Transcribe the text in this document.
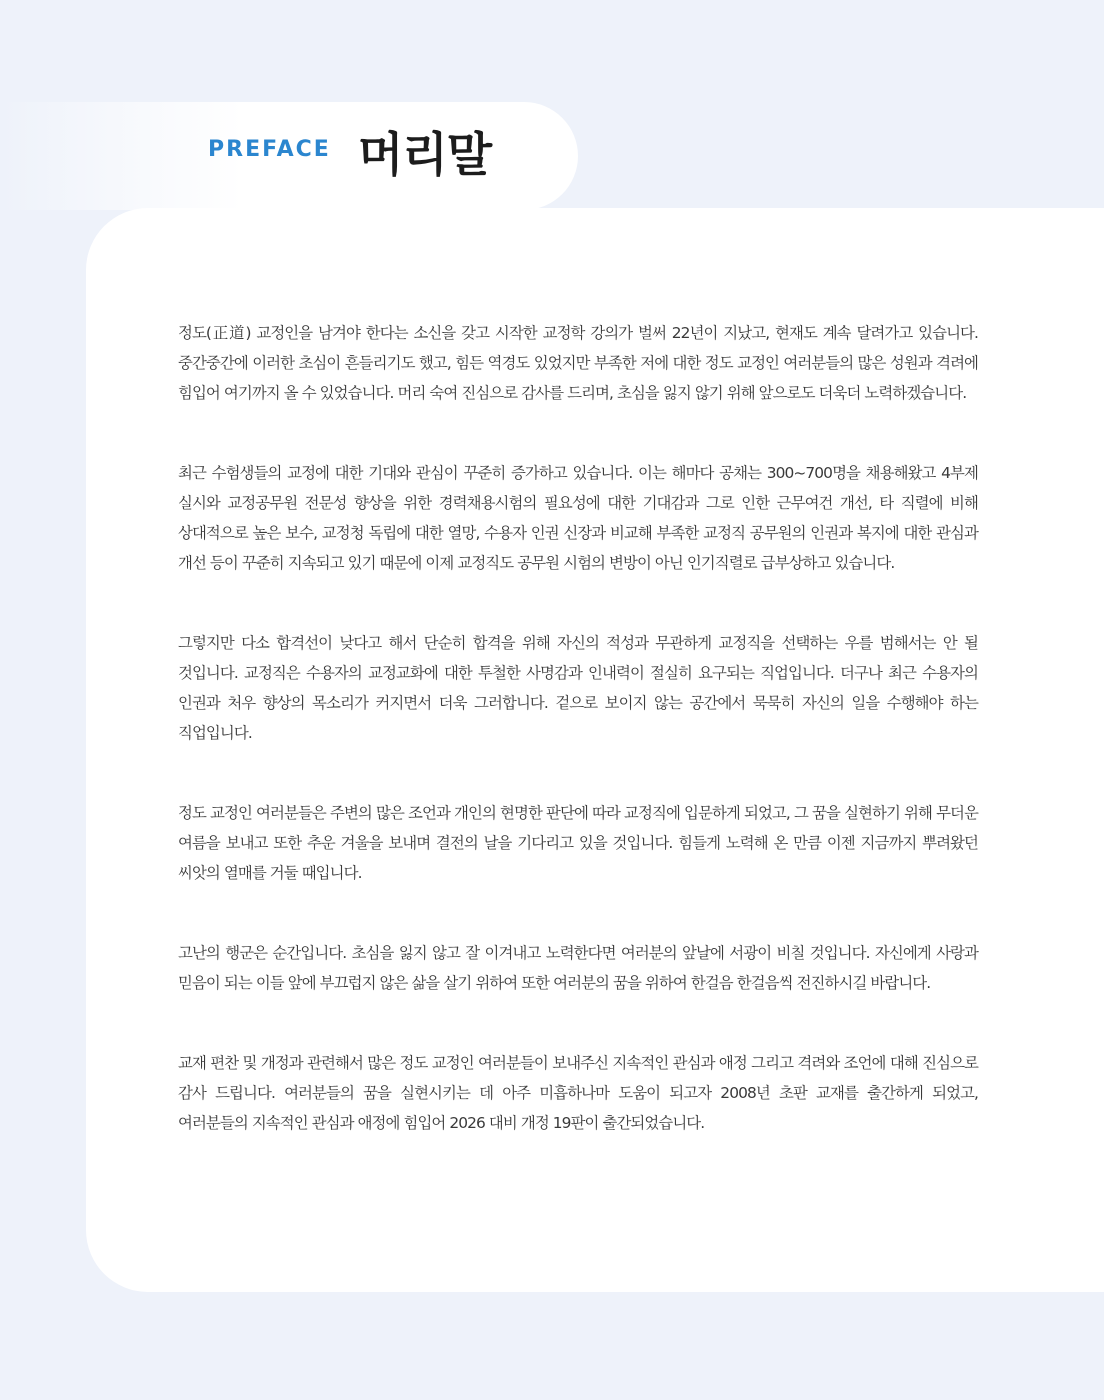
PREFACE 머리말

정도(正道) 교정인을 남겨야 한다는 소신을 갖고 시작한 교정학 강의가 벌써 22년이 지났고, 현재도 계속 달려가고 있습니다. 중간중간에 이러한 초심이 흔들리기도 했고, 힘든 역경도 있었지만 부족한 저에 대한 정도 교정인 여러분들의 많은 성원과 격려에 힘입어 여기까지 올 수 있었습니다. 머리 숙여 진심으로 감사를 드리며, 초심을 잃지 않기 위해 앞으로도 더욱더 노력하겠습니다.

최근 수험생들의 교정에 대한 기대와 관심이 꾸준히 증가하고 있습니다. 이는 해마다 공채는 300~700명을 채용해왔고 4부제 실시와 교정공무원 전문성 향상을 위한 경력채용시험의 필요성에 대한 기대감과 그로 인한 근무여건 개선, 타 직렬에 비해 상대적으로 높은 보수, 교정청 독립에 대한 열망, 수용자 인권 신장과 비교해 부족한 교정직 공무원의 인권과 복지에 대한 관심과 개선 등이 꾸준히 지속되고 있기 때문에 이제 교정직도 공무원 시험의 변방이 아닌 인기직렬로 급부상하고 있습니다.

그렇지만 다소 합격선이 낮다고 해서 단순히 합격을 위해 자신의 적성과 무관하게 교정직을 선택하는 우를 범해서는 안 될 것입니다. 교정직은 수용자의 교정교화에 대한 투철한 사명감과 인내력이 절실히 요구되는 직업입니다. 더구나 최근 수용자의 인권과 처우 향상의 목소리가 커지면서 더욱 그러합니다. 겉으로 보이지 않는 공간에서 묵묵히 자신의 일을 수행해야 하는 직업입니다.

정도 교정인 여러분들은 주변의 많은 조언과 개인의 현명한 판단에 따라 교정직에 입문하게 되었고, 그 꿈을 실현하기 위해 무더운 여름을 보내고 또한 추운 겨울을 보내며 결전의 날을 기다리고 있을 것입니다. 힘들게 노력해 온 만큼 이젠 지금까지 뿌려왔던 씨앗의 열매를 거둘 때입니다.

고난의 행군은 순간입니다. 초심을 잃지 않고 잘 이겨내고 노력한다면 여러분의 앞날에 서광이 비칠 것입니다. 자신에게 사랑과 믿음이 되는 이들 앞에 부끄럽지 않은 삶을 살기 위하여 또한 여러분의 꿈을 위하여 한걸음 한걸음씩 전진하시길 바랍니다.

교재 편찬 및 개정과 관련해서 많은 정도 교정인 여러분들이 보내주신 지속적인 관심과 애정 그리고 격려와 조언에 대해 진심으로 감사 드립니다. 여러분들의 꿈을 실현시키는 데 아주 미흡하나마 도움이 되고자 2008년 초판 교재를 출간하게 되었고, 여러분들의 지속적인 관심과 애정에 힘입어 2026 대비 개정 19판이 출간되었습니다.
